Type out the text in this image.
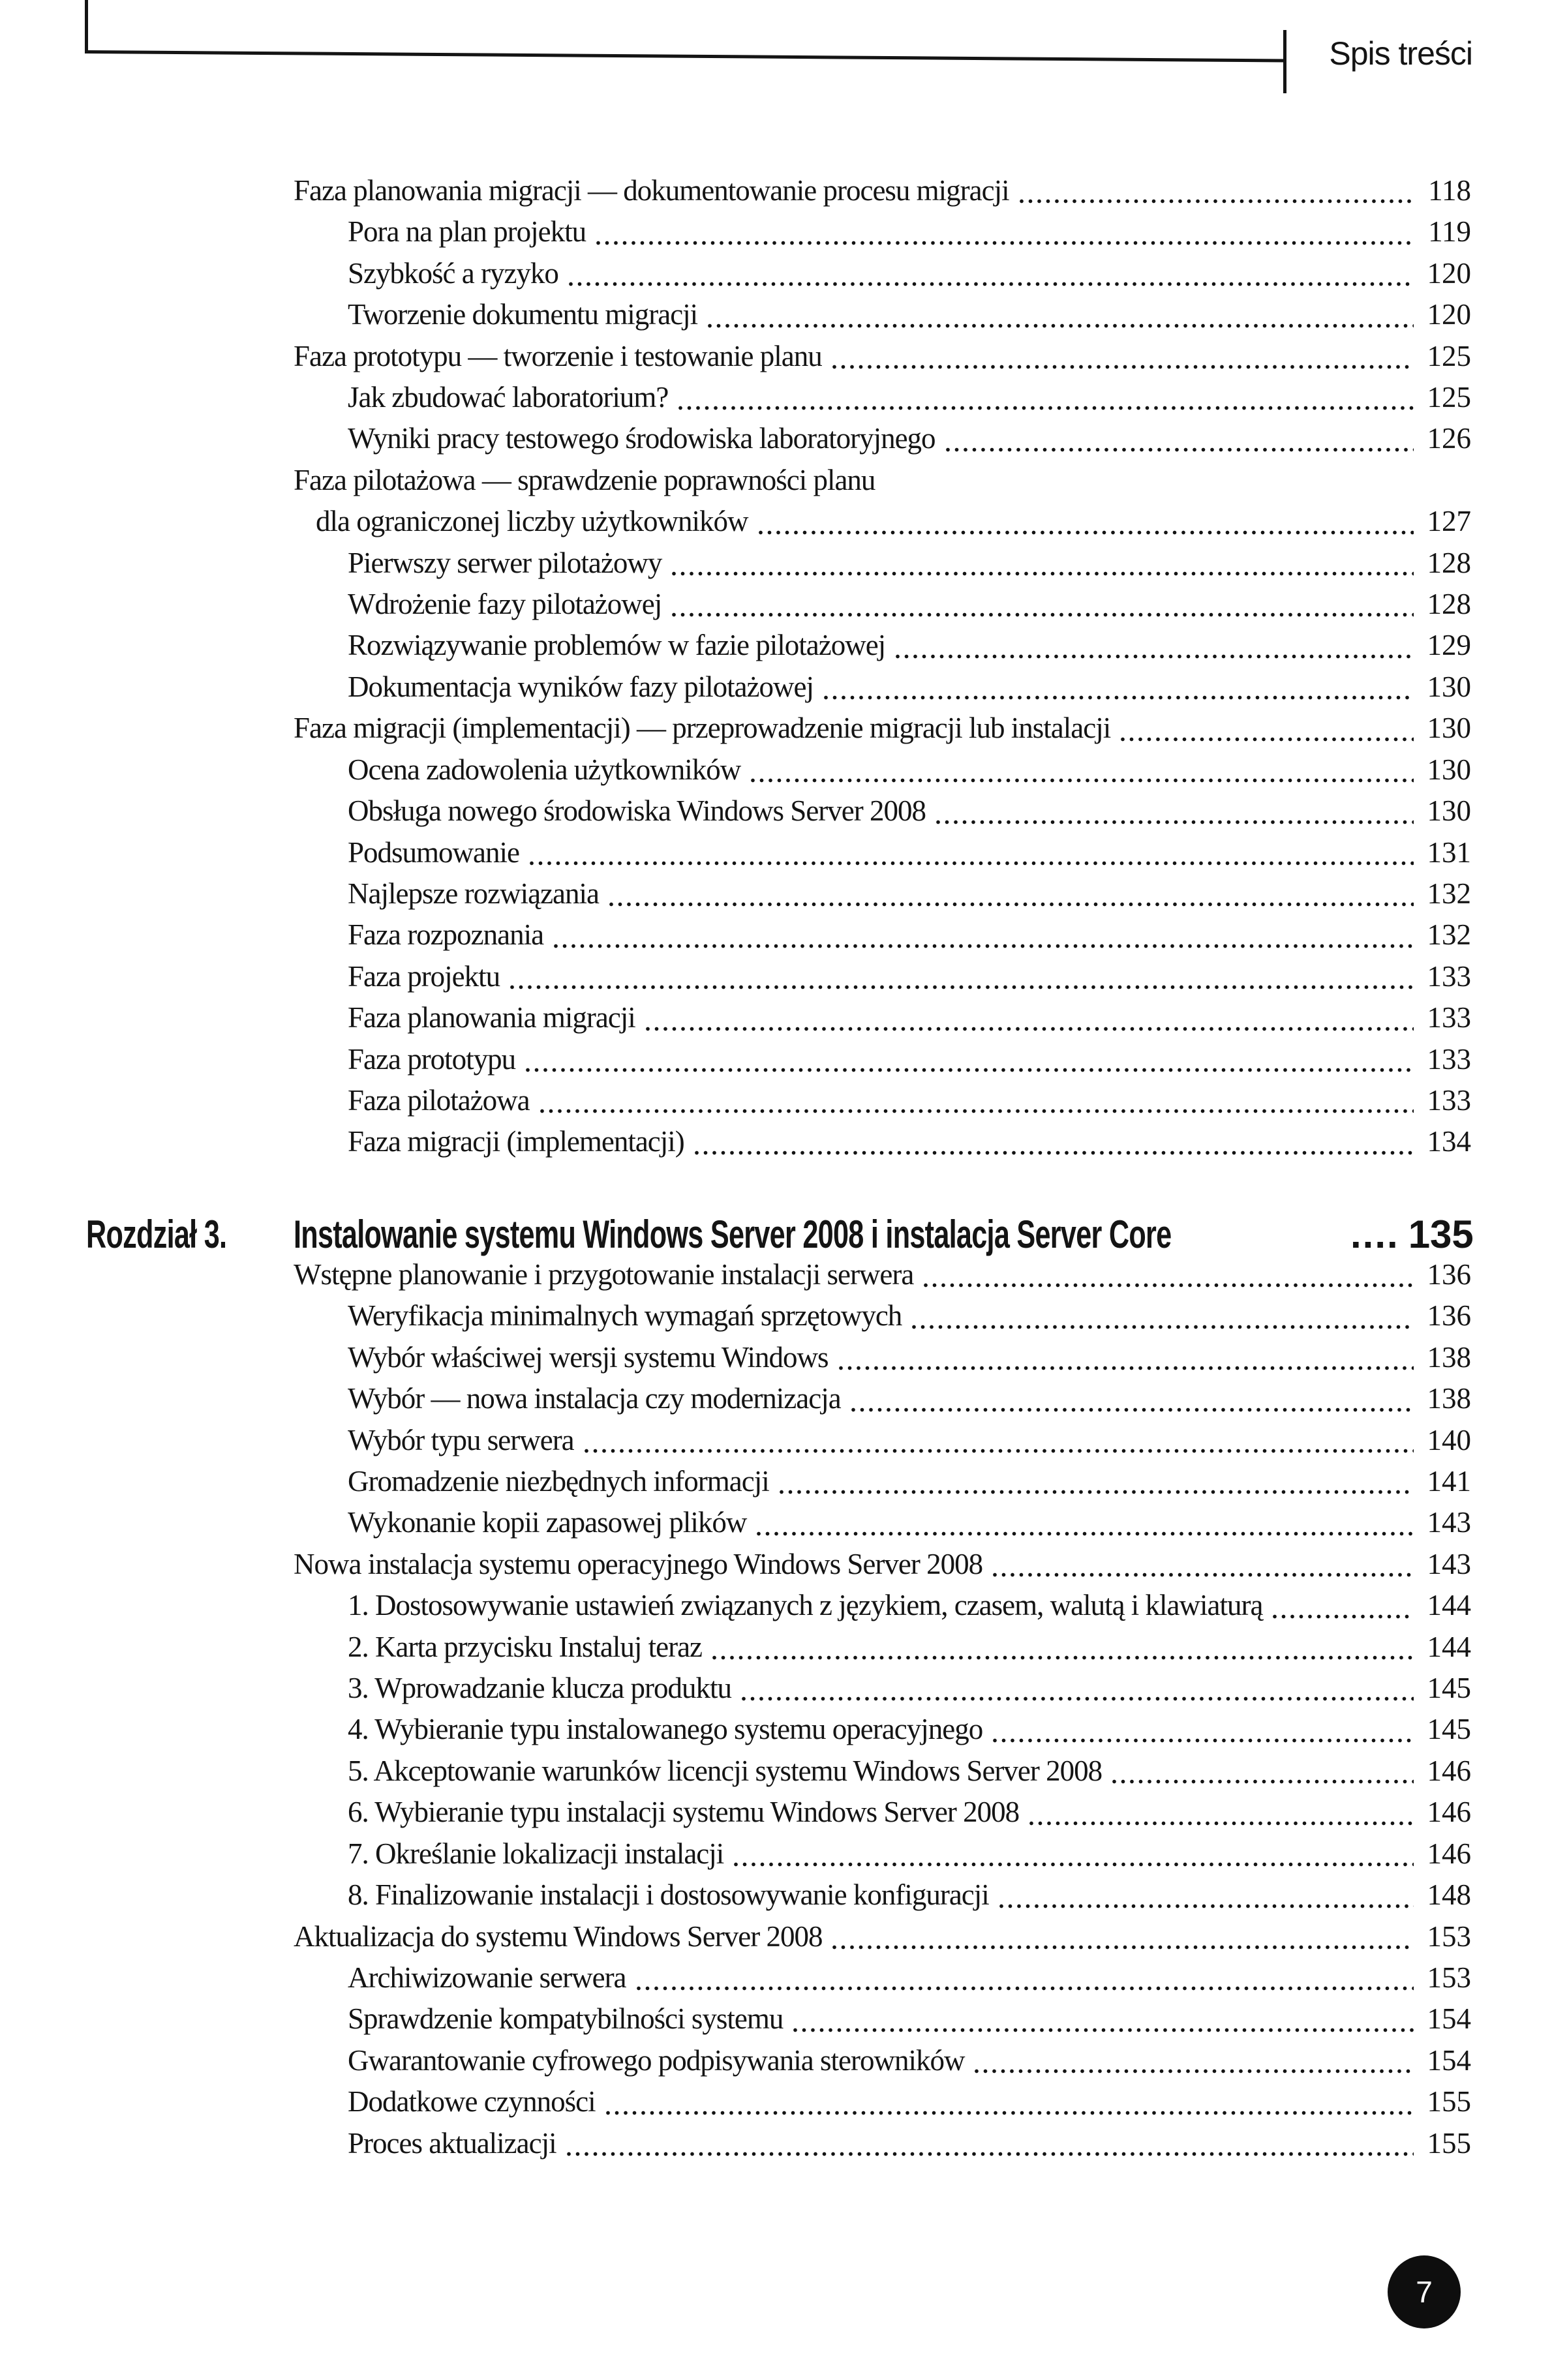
Spis treści
Faza planowania migracji — dokumentowanie procesu migracji	118
Pora na plan projektu	119
Szybkość a ryzyko	120
Tworzenie dokumentu migracji	120
Faza prototypu — tworzenie i testowanie planu	125
Jak zbudować laboratorium?	125
Wyniki pracy testowego środowiska laboratoryjnego	126
Faza pilotażowa — sprawdzenie poprawności planu
dla ograniczonej liczby użytkowników	127
Pierwszy serwer pilotażowy	128
Wdrożenie fazy pilotażowej	128
Rozwiązywanie problemów w fazie pilotażowej	129
Dokumentacja wyników fazy pilotażowej	130
Faza migracji (implementacji) — przeprowadzenie migracji lub instalacji	130
Ocena zadowolenia użytkowników	130
Obsługa nowego środowiska Windows Server 2008	130
Podsumowanie	131
Najlepsze rozwiązania	132
Faza rozpoznania	132
Faza projektu	133
Faza planowania migracji	133
Faza prototypu	133
Faza pilotażowa	133
Faza migracji (implementacji)	134
Rozdział 3.	Instalowanie systemu Windows Server 2008 i instalacja Server Core	.... 135
Wstępne planowanie i przygotowanie instalacji serwera	136
Weryfikacja minimalnych wymagań sprzętowych	136
Wybór właściwej wersji systemu Windows	138
Wybór — nowa instalacja czy modernizacja	138
Wybór typu serwera	140
Gromadzenie niezbędnych informacji	141
Wykonanie kopii zapasowej plików	143
Nowa instalacja systemu operacyjnego Windows Server 2008	143
1. Dostosowywanie ustawień związanych z językiem, czasem, walutą i klawiaturą	144
2. Karta przycisku Instaluj teraz	144
3. Wprowadzanie klucza produktu	145
4. Wybieranie typu instalowanego systemu operacyjnego	145
5. Akceptowanie warunków licencji systemu Windows Server 2008	146
6. Wybieranie typu instalacji systemu Windows Server 2008	146
7. Określanie lokalizacji instalacji	146
8. Finalizowanie instalacji i dostosowywanie konfiguracji	148
Aktualizacja do systemu Windows Server 2008	153
Archiwizowanie serwera	153
Sprawdzenie kompatybilności systemu	154
Gwarantowanie cyfrowego podpisywania sterowników	154
Dodatkowe czynności	155
Proces aktualizacji	155
7
